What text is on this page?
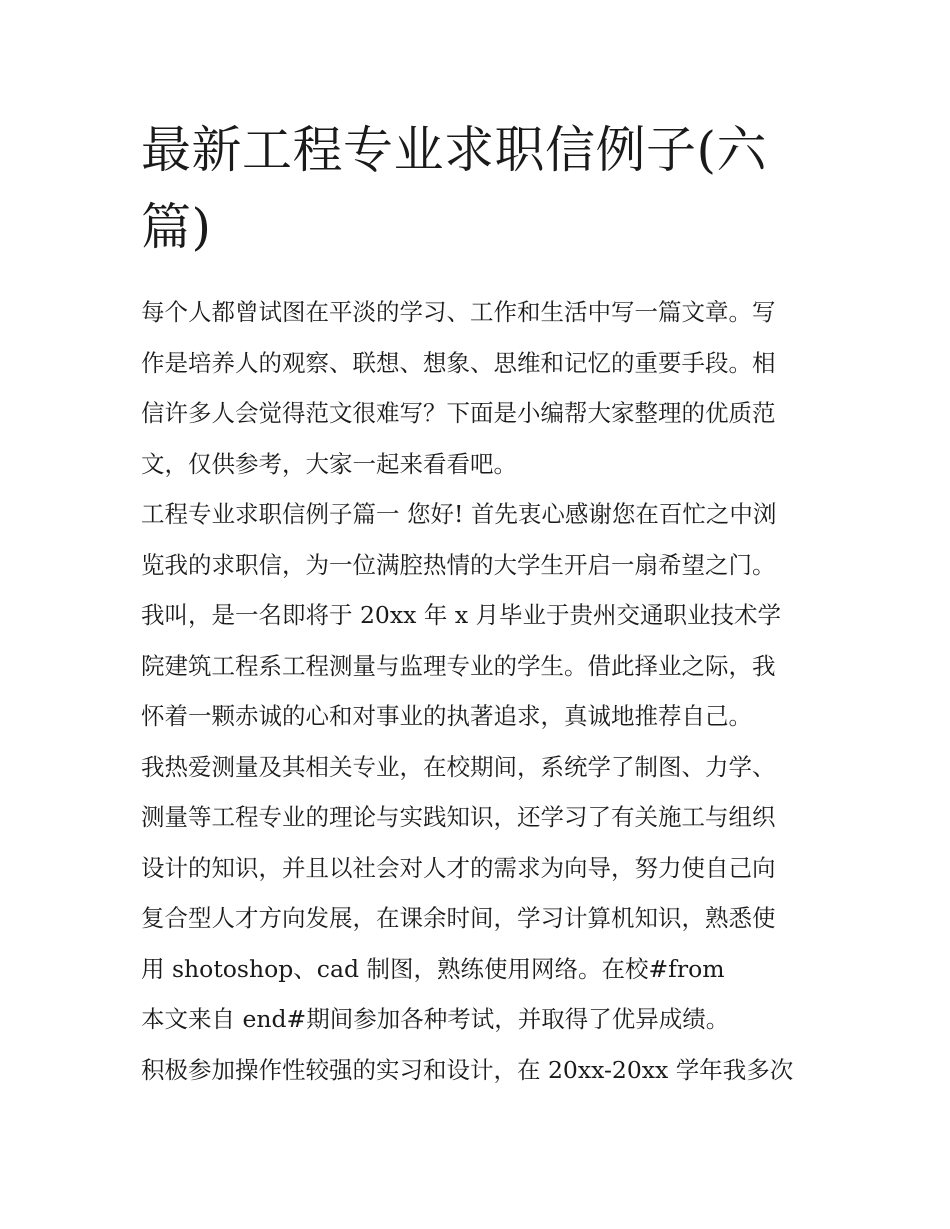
最新工程专业求职信例子(六篇)

每个人都曾试图在平淡的学习、工作和生活中写一篇文章。写

作是培养人的观察、联想、想象、思维和记忆的重要手段。相

信许多人会觉得范文很难写？下面是小编帮大家整理的优质范

文，仅供参考，大家一起来看看吧。

工程专业求职信例子篇一 您好! 首先衷心感谢您在百忙之中浏

览我的求职信，为一位满腔热情的大学生开启一扇希望之门。

我叫，是一名即将于 20xx 年 x 月毕业于贵州交通职业技术学

院建筑工程系工程测量与监理专业的学生。借此择业之际，我

怀着一颗赤诚的心和对事业的执著追求，真诚地推荐自己。

我热爱测量及其相关专业，在校期间，系统学了制图、力学、

测量等工程专业的理论与实践知识，还学习了有关施工与组织

设计的知识，并且以社会对人才的需求为向导，努力使自己向

复合型人才方向发展，在课余时间，学习计算机知识，熟悉使

用 shotoshop、cad 制图，熟练使用网络。在校#from

本文来自 end#期间参加各种考试，并取得了优异成绩。

积极参加操作性较强的实习和设计，在 20xx-20xx 学年我多次
